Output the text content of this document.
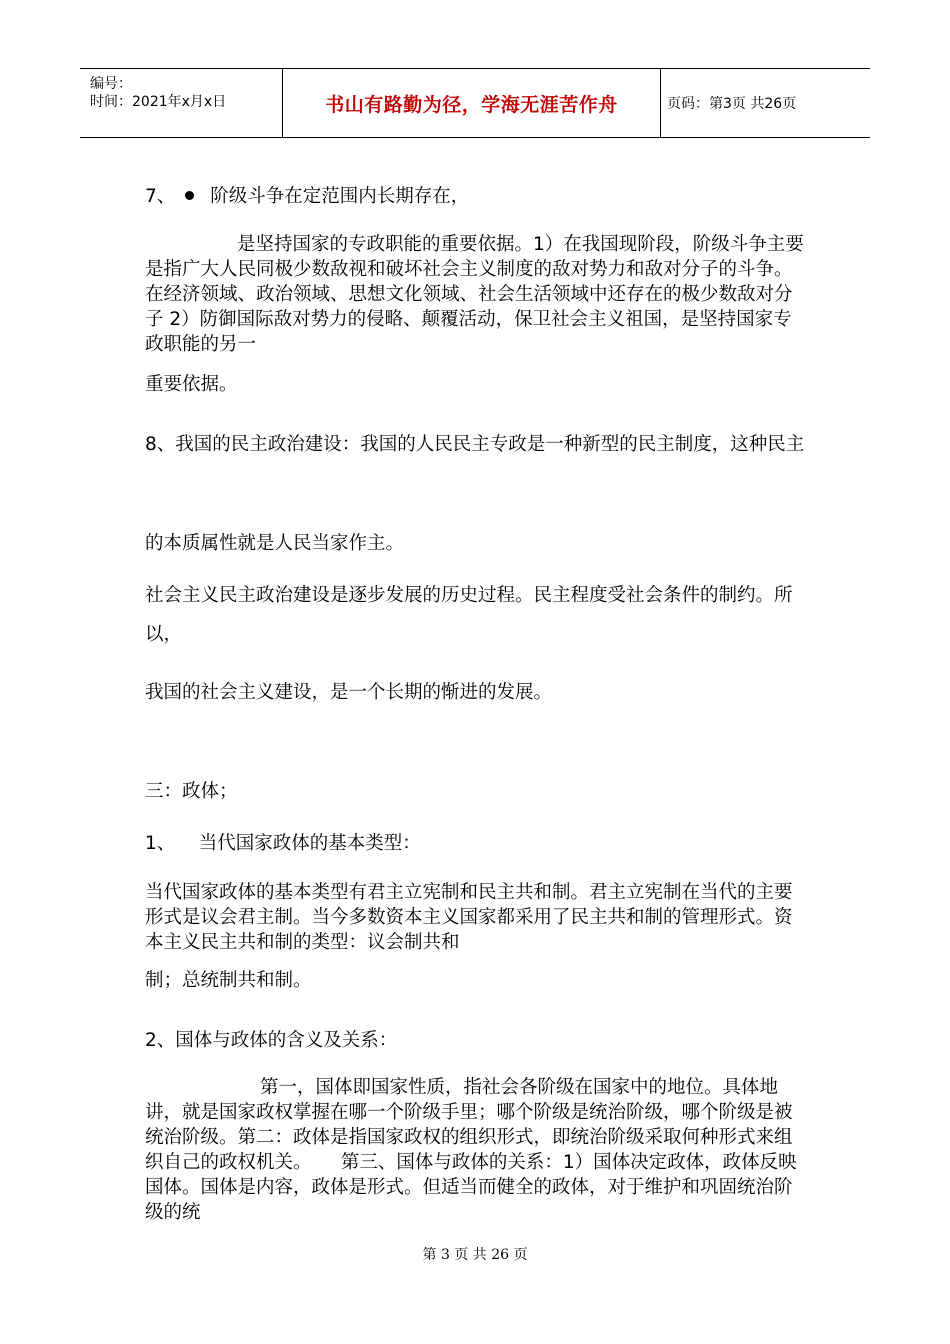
编号：
时间：2021年x月x日	书山有路勤为径，学海无涯苦作舟	页码：第3页 共26页
7、 阶级斗争在定范围内长期存在，

是坚持国家的专政职能的重要依据。1）在我国现阶段，阶级斗争主要是指广大人民同极少数敌视和破坏社会主义制度的敌对势力和敌对分子的斗争。在经济领域、政治领域、思想文化领域、社会生活领域中还存在的极少数敌对分子 2）防御国际敌对势力的侵略、颠覆活动，保卫社会主义祖国，是坚持国家专政职能的另一

重要依据。

8、我国的民主政治建设：我国的人民民主专政是一种新型的民主制度，这种民主

的本质属性就是人民当家作主。

社会主义民主政治建设是逐步发展的历史过程。民主程度受社会条件的制约。所以，

我国的社会主义建设，是一个长期的惭进的发展。

三：政体；

1、    当代国家政体的基本类型：

当代国家政体的基本类型有君主立宪制和民主共和制。君主立宪制在当代的主要形式是议会君主制。当今多数资本主义国家都采用了民主共和制的管理形式。资本主义民主共和制的类型：议会制共和

制；总统制共和制。

2、国体与政体的含义及关系：

第一，国体即国家性质，指社会各阶级在国家中的地位。具体地讲，就是国家政权掌握在哪一个阶级手里；哪个阶级是统治阶级，哪个阶级是被统治阶级。第二：政体是指国家政权的组织形式，即统治阶级采取何种形式来组织自己的政权机关。     第三、国体与政体的关系：1）国体决定政体，政体反映国体。国体是内容，政体是形式。但适当而健全的政体，对于维护和巩固统治阶级的统

第 3 页 共 26 页
